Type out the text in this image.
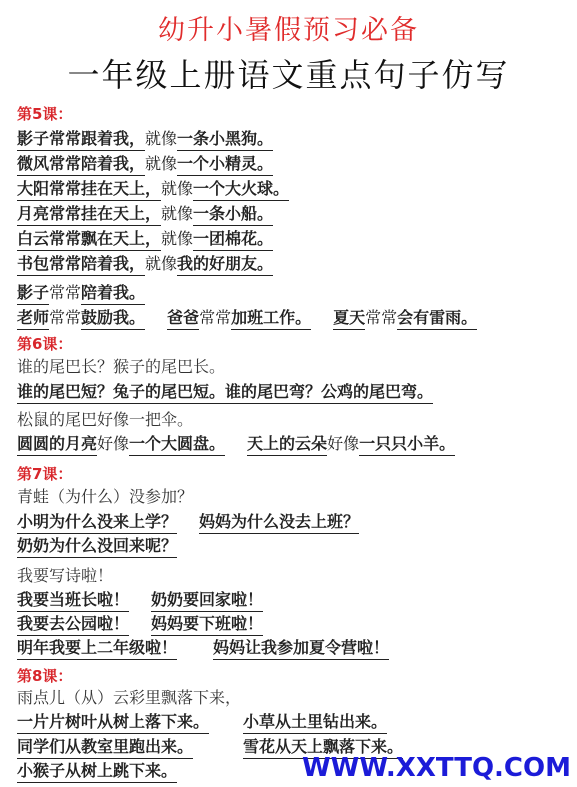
幼升小暑假预习必备
一年级上册语文重点句子仿写
第5课：
影子常常跟着我，就像一条小黑狗。
微风常常陪着我，就像一个小精灵。
大阳常常挂在天上，就像一个大火球。
月亮常常挂在天上，就像一条小船。
白云常常飘在天上，就像一团棉花。
书包常常陪着我，就像我的好朋友。
影子常常陪着我。
老师常常鼓励我。 爸爸常常加班工作。 夏天常常会有雷雨。
第6课：
谁的尾巴长？猴子的尾巴长。
谁的尾巴短？兔子的尾巴短。谁的尾巴弯？公鸡的尾巴弯。
松鼠的尾巴好像一把伞。
圆圆的月亮好像一个大圆盘。 天上的云朵好像一只只小羊。
第7课：
青蛙（为什么）没参加？
小明为什么没来上学？ 妈妈为什么没去上班？
奶奶为什么没回来呢？
我要写诗啦！
我要当班长啦！ 奶奶要回家啦！
我要去公园啦！ 妈妈要下班啦！
明年我要上二年级啦！ 妈妈让我参加夏令营啦！
第8课：
雨点儿（从）云彩里飘落下来，
一片片树叶从树上落下来。 小草从土里钻出来。
同学们从教室里跑出来。	雪花从天上飘落下来。
小猴子从树上跳下来。	WWW.XXTTQ.COM
